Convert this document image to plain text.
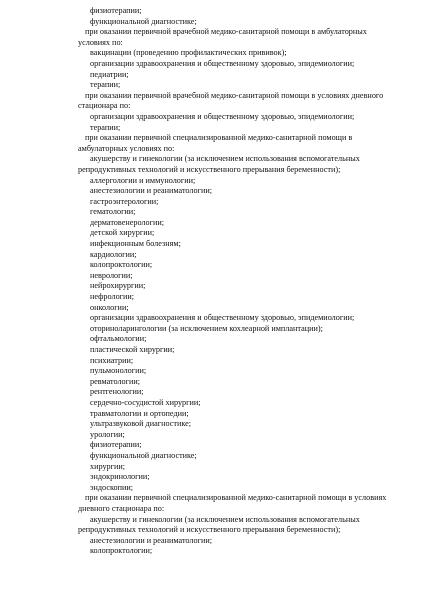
физиотерапии;

функциональной диагностике;

при оказании первичной врачебной медико-санитарной помощи в амбулаторных

условиях по:

вакцинации (проведению профилактических прививок);

организации здравоохранения и общественному здоровью, эпидемиологии;

педиатрии;

терапии;

при оказании первичной врачебной медико-санитарной помощи в условиях дневного

стационара по:

организации здравоохранения и общественному здоровью, эпидемиологии;

терапии;

при оказании первичной специализированной медико-санитарной помощи в

амбулаторных условиях по:

акушерству и гинекологии (за исключением использования вспомогательных

репродуктивных технологий и искусственного прерывания беременности);

аллергологии и иммунологии;

анестезиологии и реаниматологии;

гастроэнтерологии;

гематологии;

дерматовенерологии;

детской хирургии;

инфекционным болезням;

кардиологии;

колопроктологии;

неврологии;

нейрохирургии;

нефрологии;

онкологии;

организации здравоохранения и общественному здоровью, эпидемиологии;

оториноларингологии (за исключением кохлеарной имплантации);

офтальмологии;

пластической хирургии;

психиатрии;

пульмонологии;

ревматологии;

рентгенологии;

сердечно-сосудистой хирургии;

травматологии и ортопедии;

ультразвуковой диагностике;

урологии;

физиотерапии;

функциональной диагностике;

хирургии;

эндокринологии;

эндоскопии;

при оказании первичной специализированной медико-санитарной помощи в условиях

дневного стационара по:

акушерству и гинекологии (за исключением использования вспомогательных

репродуктивных технологий и искусственного прерывания беременности);

анестезиологии и реаниматологии;

колопроктологии;
